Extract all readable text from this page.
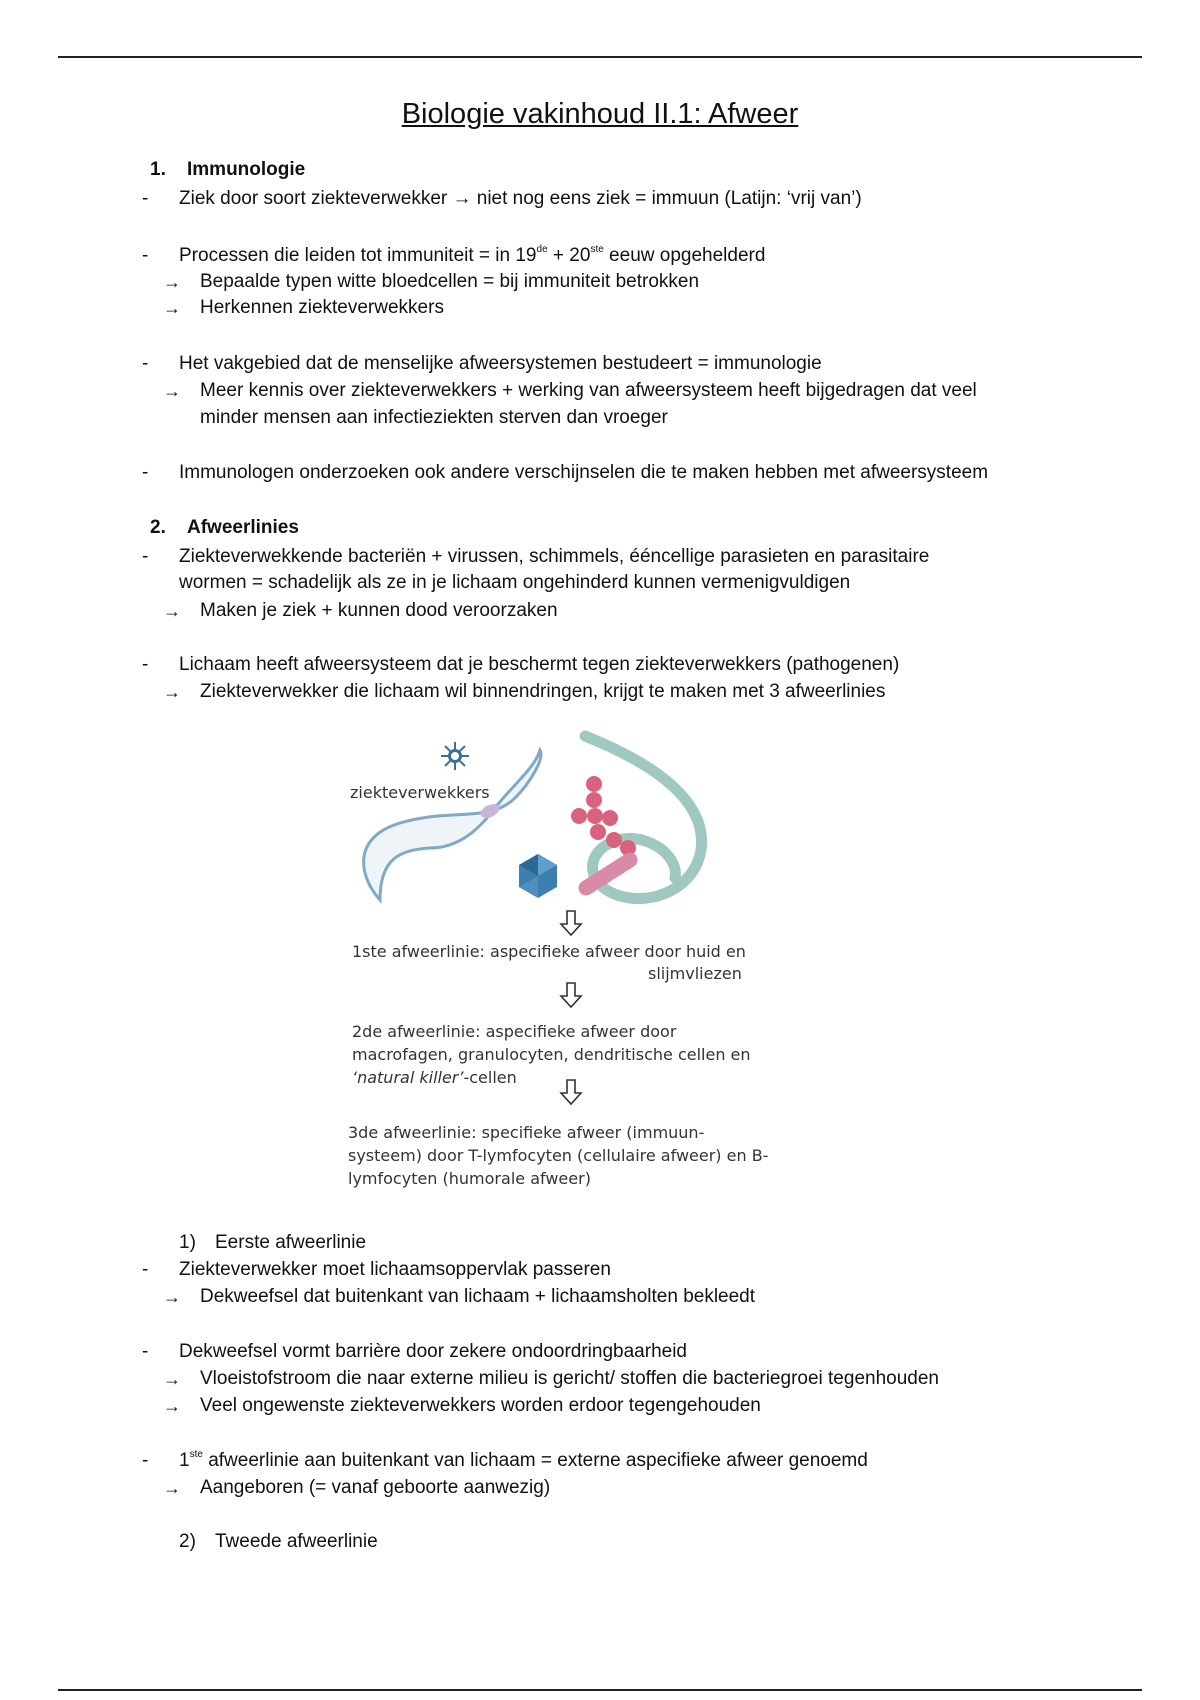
Biologie vakinhoud II.1: Afweer
1. Immunologie
- Ziek door soort ziekteverwekker → niet nog eens ziek = immuun (Latijn: ‘vrij van’)
- Processen die leiden tot immuniteit = in 19de + 20ste eeuw opgehelderd
→ Bepaalde typen witte bloedcellen = bij immuniteit betrokken
→ Herkennen ziekteverwekkers
- Het vakgebied dat de menselijke afweersystemen bestudeert = immunologie
→ Meer kennis over ziekteverwekkers + werking van afweersysteem heeft bijgedragen dat veel
minder mensen aan infectieziekten sterven dan vroeger
- Immunologen onderzoeken ook andere verschijnselen die te maken hebben met afweersysteem
2. Afweerlinies
- Ziekteverwekkende bacteriën + virussen, schimmels, ééncellige parasieten en parasitaire
wormen = schadelijk als ze in je lichaam ongehinderd kunnen vermenigvuldigen
→ Maken je ziek + kunnen dood veroorzaken
- Lichaam heeft afweersysteem dat je beschermt tegen ziekteverwekkers (pathogenen)
→ Ziekteverwekker die lichaam wil binnendringen, krijgt te maken met 3 afweerlinies
ziekteverwekkers
1ste afweerlinie: aspecifieke afweer door huid en
slijmvliezen
2de afweerlinie: aspecifieke afweer door
macrofagen, granulocyten, dendritische cellen en
‘natural killer’-cellen
3de afweerlinie: specifieke afweer (immuun-
systeem) door T-lymfocyten (cellulaire afweer) en B-
lymfocyten (humorale afweer)
1) Eerste afweerlinie
- Ziekteverwekker moet lichaamsoppervlak passeren
→ Dekweefsel dat buitenkant van lichaam + lichaamsholten bekleedt
- Dekweefsel vormt barrière door zekere ondoordringbaarheid
→ Vloeistofstroom die naar externe milieu is gericht/ stoffen die bacteriegroei tegenhouden
→ Veel ongewenste ziekteverwekkers worden erdoor tegengehouden
- 1ste afweerlinie aan buitenkant van lichaam = externe aspecifieke afweer genoemd
→ Aangeboren (= vanaf geboorte aanwezig)
2) Tweede afweerlinie
